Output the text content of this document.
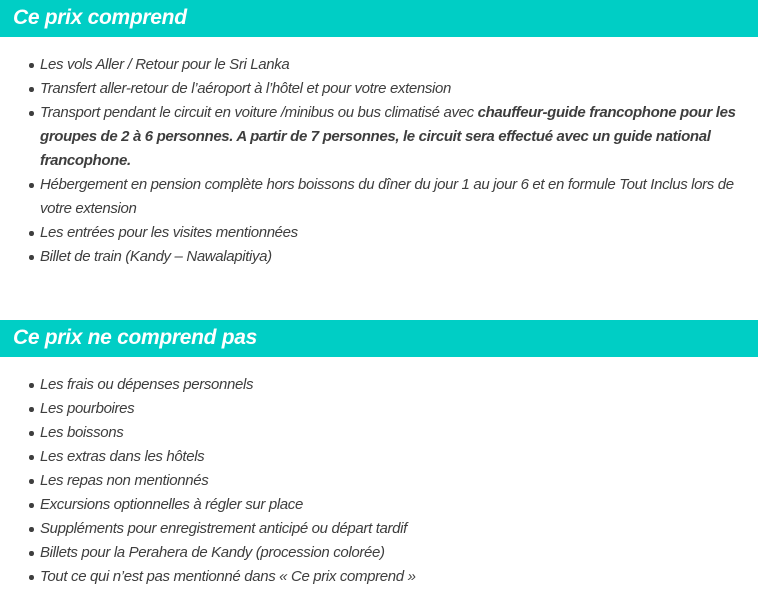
Ce prix comprend
Les vols Aller / Retour pour le Sri Lanka
Transfert aller-retour de l’aéroport à l’hôtel et pour votre extension
Transport pendant le circuit en voiture /minibus ou bus climatisé avec chauffeur-guide francophone pour les groupes de 2 à 6 personnes. A partir de 7 personnes, le circuit sera effectué avec un guide national francophone.
Hébergement en pension complète hors boissons du dîner du jour 1 au jour 6 et en formule Tout Inclus lors de votre extension
Les entrées pour les visites mentionnées
Billet de train (Kandy – Nawalapitiya)
Ce prix ne comprend pas
Les frais ou dépenses personnels
Les pourboires
Les boissons
Les extras dans les hôtels
Les repas non mentionnés
Excursions optionnelles à régler sur place
Suppléments pour enregistrement anticipé ou départ tardif
Billets pour la Perahera de Kandy (procession colorée)
Tout ce qui n’est pas mentionné dans « Ce prix comprend »
